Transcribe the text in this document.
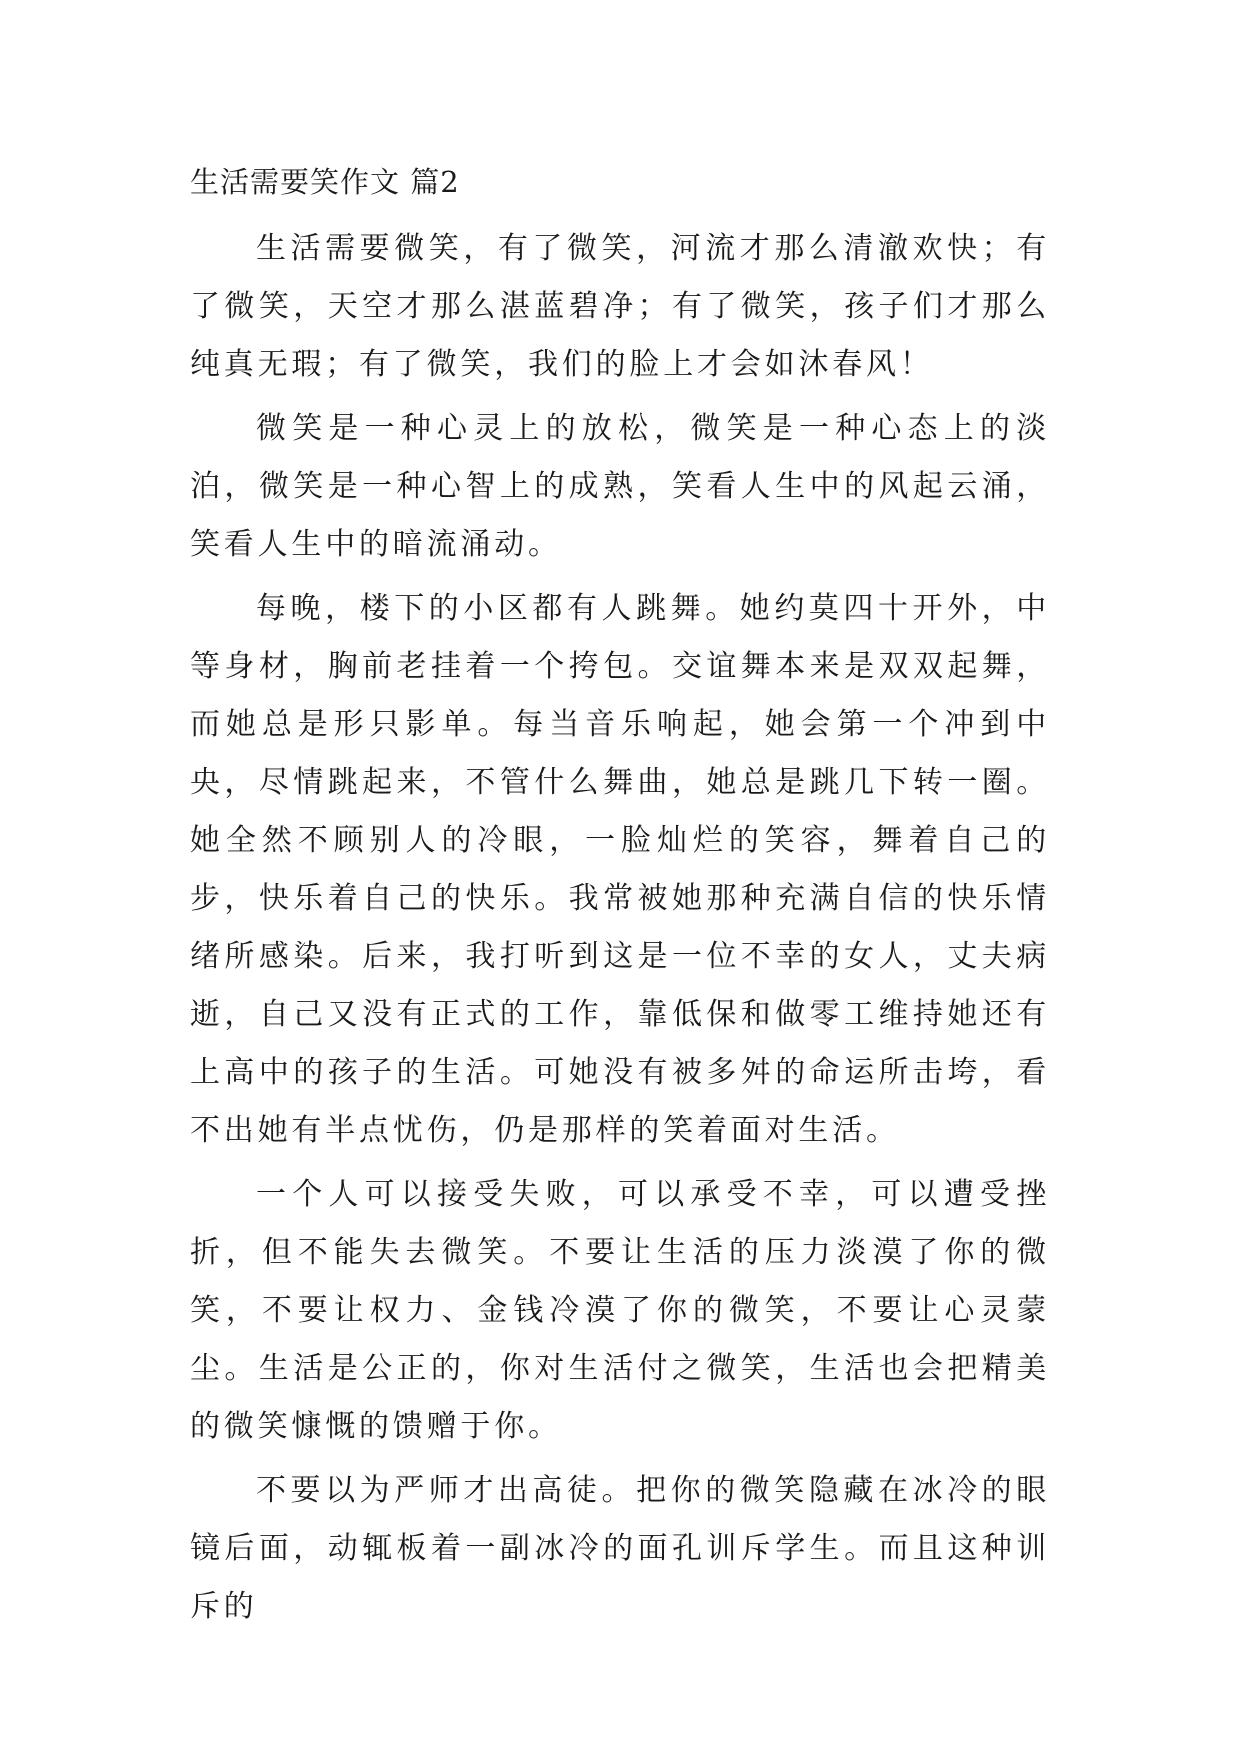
生活需要笑作文 篇2

生活需要微笑，有了微笑，河流才那么清澈欢快；有了微笑，天空才那么湛蓝碧净；有了微笑，孩子们才那么纯真无瑕；有了微笑，我们的脸上才会如沐春风！

微笑是一种心灵上的放松，微笑是一种心态上的淡泊，微笑是一种心智上的成熟，笑看人生中的风起云涌，笑看人生中的暗流涌动。

每晚，楼下的小区都有人跳舞。她约莫四十开外，中等身材，胸前老挂着一个挎包。交谊舞本来是双双起舞，而她总是形只影单。每当音乐响起，她会第一个冲到中央，尽情跳起来，不管什么舞曲，她总是跳几下转一圈。她全然不顾别人的冷眼，一脸灿烂的笑容，舞着自己的步，快乐着自己的快乐。我常被她那种充满自信的快乐情绪所感染。后来，我打听到这是一位不幸的女人，丈夫病逝，自己又没有正式的工作，靠低保和做零工维持她还有上高中的孩子的生活。可她没有被多舛的命运所击垮，看不出她有半点忧伤，仍是那样的笑着面对生活。

一个人可以接受失败，可以承受不幸，可以遭受挫折，但不能失去微笑。不要让生活的压力淡漠了你的微笑，不要让权力、金钱冷漠了你的微笑，不要让心灵蒙尘。生活是公正的，你对生活付之微笑，生活也会把精美的微笑慷慨的馈赠于你。

不要以为严师才出高徒。把你的微笑隐藏在冰冷的眼镜后面，动辄板着一副冰冷的面孔训斥学生。而且这种训斥的
